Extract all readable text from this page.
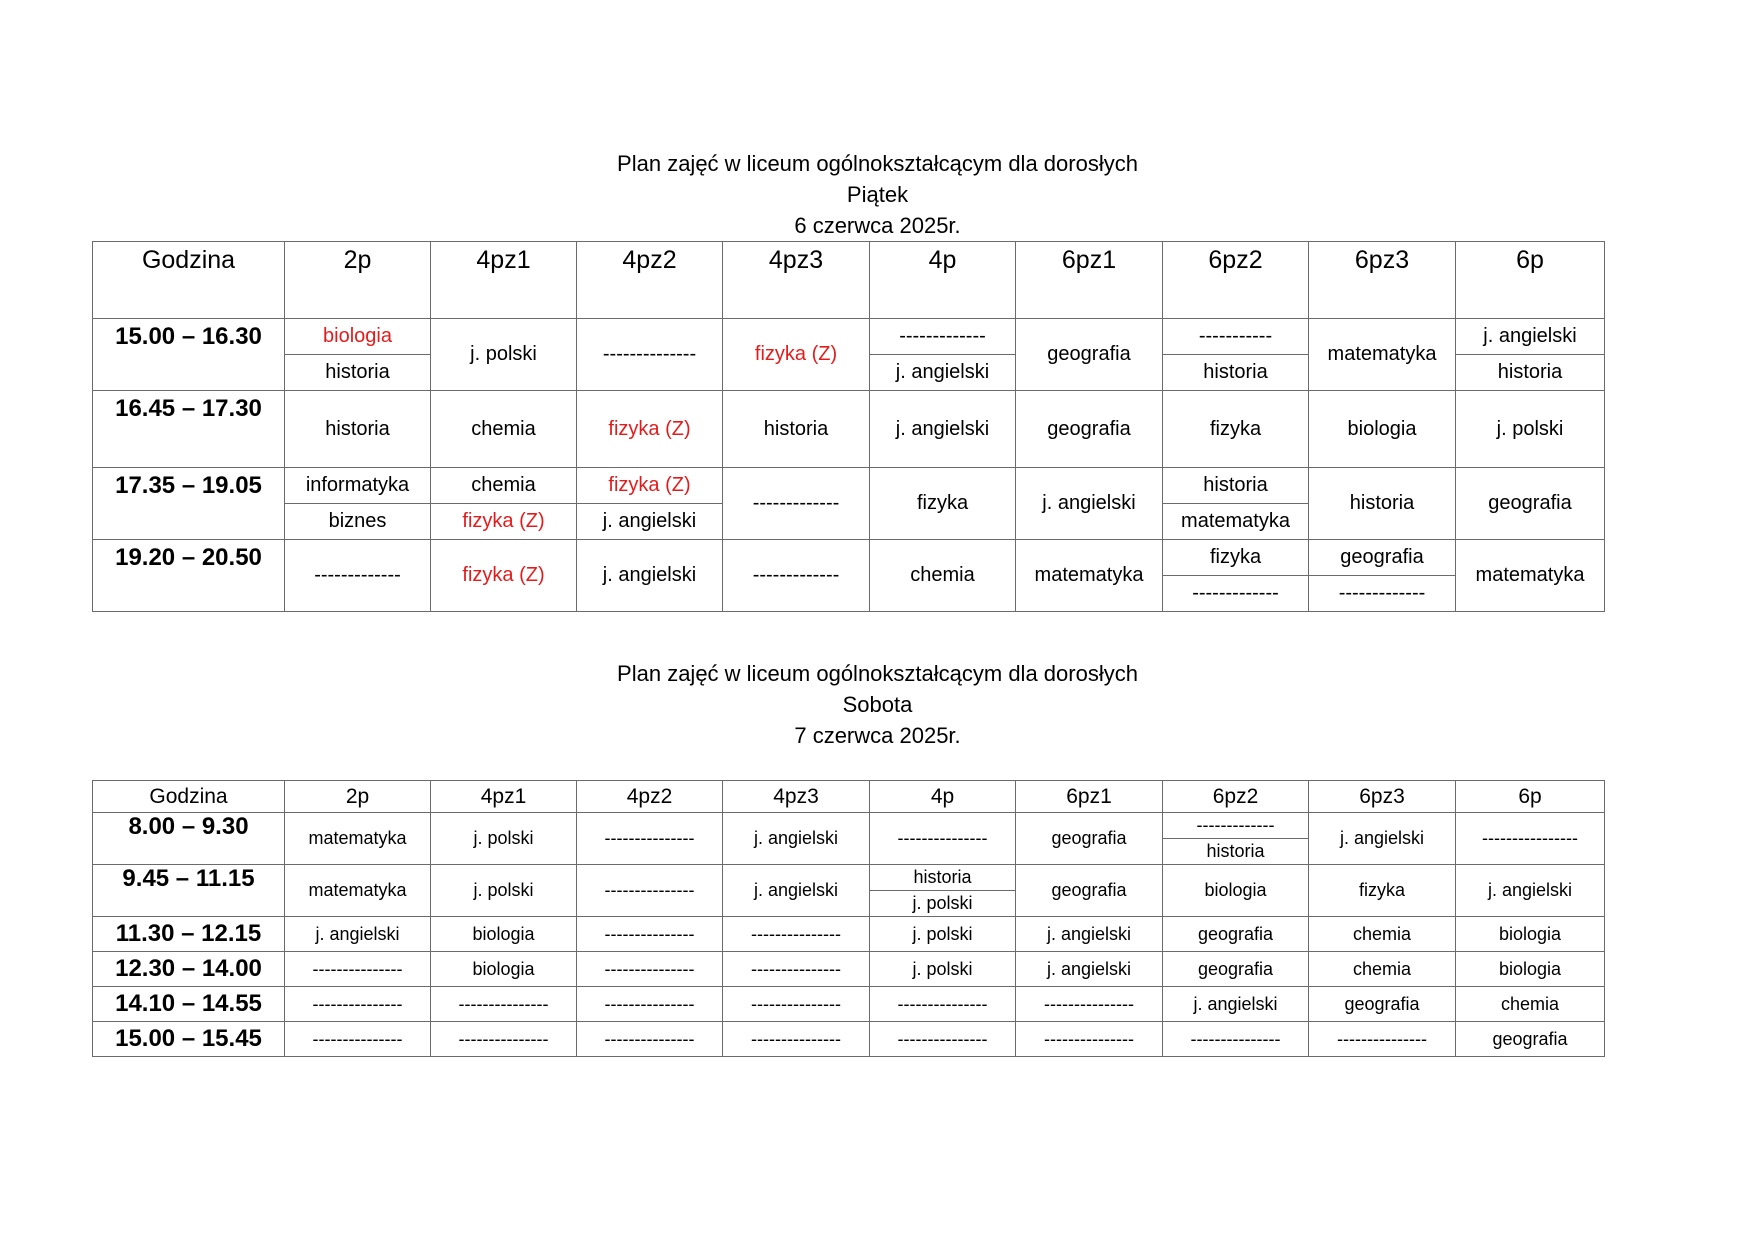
Plan zajęć w liceum ogólnokształcącym dla dorosłych
Piątek
6 czerwca 2025r.
Godzina	2p	4pz1	4pz2	4pz3	4p	6pz1	6pz2	6pz3	6p
15.00 – 16.30	biologia	j. polski	--------------	fizyka (Z)	-------------	geografia	-----------	matematyka	j. angielski
	historia				j. angielski		historia		historia
16.45 – 17.30	historia	chemia	fizyka (Z)	historia	j. angielski	geografia	fizyka	biologia	j. polski
17.35 – 19.05	informatyka	chemia	fizyka (Z)	-------------	fizyka	j. angielski	historia	historia	geografia
	biznes	fizyka (Z)	j. angielski				matematyka		
19.20 – 20.50	-------------	fizyka (Z)	j. angielski	-------------	chemia	matematyka	fizyka	geografia	matematyka
							-------------	-------------	
Plan zajęć w liceum ogólnokształcącym dla dorosłych
Sobota
7 czerwca 2025r.
Godzina	2p	4pz1	4pz2	4pz3	4p	6pz1	6pz2	6pz3	6p
8.00 – 9.30	matematyka	j. polski	---------------	j. angielski	---------------	geografia	-------------	j. angielski	----------------
							historia		
9.45 – 11.15	matematyka	j. polski	---------------	j. angielski	historia	geografia	biologia	fizyka	j. angielski
					j. polski				
11.30 – 12.15	j. angielski	biologia	---------------	---------------	j. polski	j. angielski	geografia	chemia	biologia
12.30 – 14.00	---------------	biologia	---------------	---------------	j. polski	j. angielski	geografia	chemia	biologia
14.10 – 14.55	---------------	---------------	---------------	---------------	---------------	---------------	j. angielski	geografia	chemia
15.00 – 15.45	---------------	---------------	---------------	---------------	---------------	---------------	---------------	---------------	geografia
